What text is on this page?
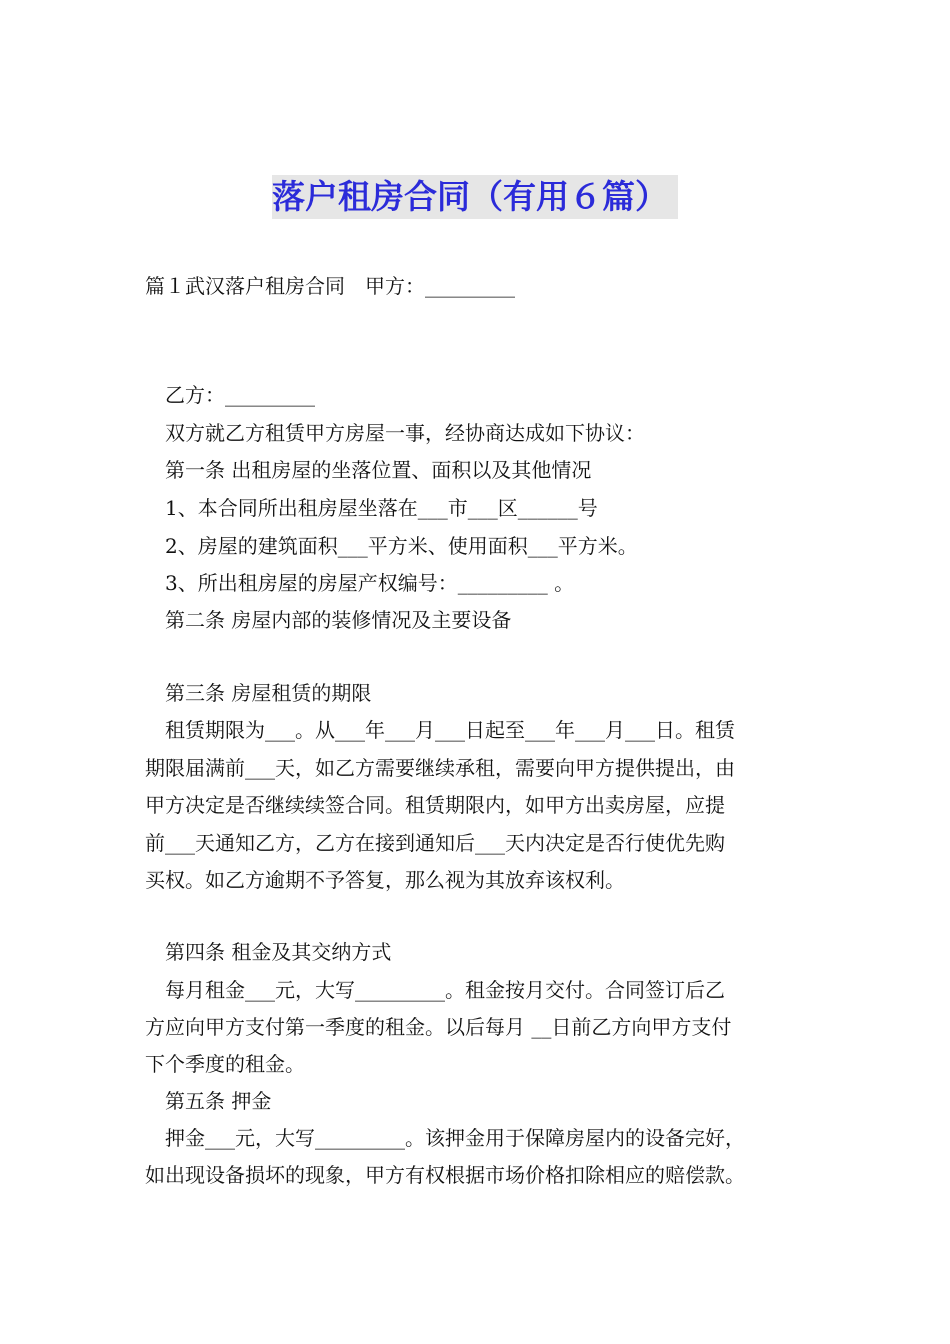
落户租房合同（有用６篇）
篇１武汉落户租房合同　甲方：_________
乙方：_________
双方就乙方租赁甲方房屋一事，经协商达成如下协议：
第一条 出租房屋的坐落位置、面积以及其他情况
1、本合同所出租房屋坐落在___市___区______号
2、房屋的建筑面积___平方米、使用面积___平方米。
3、所出租房屋的房屋产权编号：_________ 。
第二条 房屋内部的装修情况及主要设备
第三条 房屋租赁的期限
租赁期限为___。从___年___月___日起至___年___月___日。租赁
期限届满前___天，如乙方需要继续承租，需要向甲方提供提出，由
甲方决定是否继续续签合同。租赁期限内，如甲方出卖房屋，应提
前___天通知乙方，乙方在接到通知后___天内决定是否行使优先购
买权。如乙方逾期不予答复，那么视为其放弃该权利。
第四条 租金及其交纳方式
每月租金___元，大写_________。租金按月交付。合同签订后乙
方应向甲方支付第一季度的租金。以后每月 __日前乙方向甲方支付
下个季度的租金。
第五条 押金
押金___元，大写_________。该押金用于保障房屋内的设备完好，
如出现设备损坏的现象，甲方有权根据市场价格扣除相应的赔偿款。
